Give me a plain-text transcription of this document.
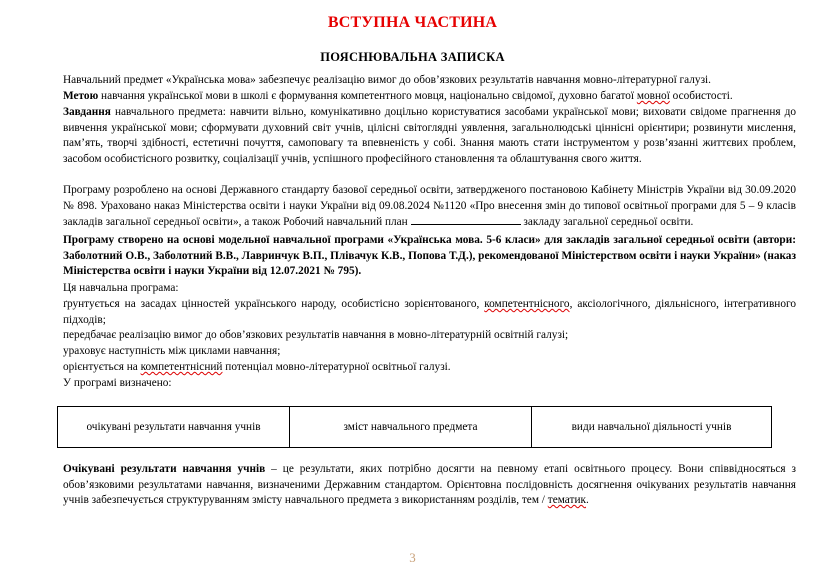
ВСТУПНА ЧАСТИНА
ПОЯСНЮВАЛЬНА ЗАПИСКА
Навчальний предмет «Українська мова» забезпечує реалізацію вимог до обов’язкових результатів навчання мовно-літературної галузі.
Метою навчання української мови в школі є формування компетентного мовця, національно свідомої, духовно багатої мовної особистості.
Завдання навчального предмета: навчити вільно, комунікативно доцільно користуватися засобами української мови; виховати свідоме прагнення до вивчення української мови; сформувати духовний світ учнів, цілісні світоглядні уявлення, загальнолюдські ціннісні орієнтири; розвинути мислення, пам’ять, творчі здібності, естетичні почуття, самоповагу та впевненість у собі. Знання мають стати інструментом у розв’язанні життєвих проблем, засобом особистісного розвитку, соціалізації учнів, успішного професійного становлення та облаштування свого життя.
Програму розроблено на основі Державного стандарту базової середньої освіти, затвердженого постановою Кабінету Міністрів України від 30.09.2020 № 898. Ураховано наказ Міністерства освіти і науки України від 09.08.2024 №1120 «Про внесення змін до типової освітньої програми для 5 – 9 класів закладів загальної середньої освіти», а також Робочий навчальний план	закладу загальної середньої освіти.
Програму створено на основі модельної навчальної програми «Українська мова. 5-6 класи» для закладів загальної середньої освіти (автори: Заболотний О.В., Заболотний В.В., Лавринчук В.П., Плівачук К.В., Попова Т.Д.), рекомендованої Міністерством освіти і науки України» (наказ Міністерства освіти і науки України від 12.07.2021 № 795).
Ця навчальна програма:
ґрунтується на засадах цінностей українського народу, особистісно зорієнтованого, компетентнісного, аксіологічного, діяльнісного, інтегративного підходів;
передбачає реалізацію вимог до обов’язкових результатів навчання в мовно-літературній освітній галузі;
ураховує наступність між циклами навчання;
орієнтується на компетентнісний потенціал мовно-літературної освітньої галузі.
У програмі визначено:
очікувані результати навчання учнів	зміст навчального предмета	види навчальної діяльності учнів
Очікувані результати навчання учнів – це результати, яких потрібно досягти на певному етапі освітнього процесу. Вони співвідносяться з обов’язковими результатами навчання, визначеними Державним стандартом. Орієнтовна послідовність досягнення очікуваних результатів навчання учнів забезпечується структуруванням змісту навчального предмета з використанням розділів, тем / тематик.
3
